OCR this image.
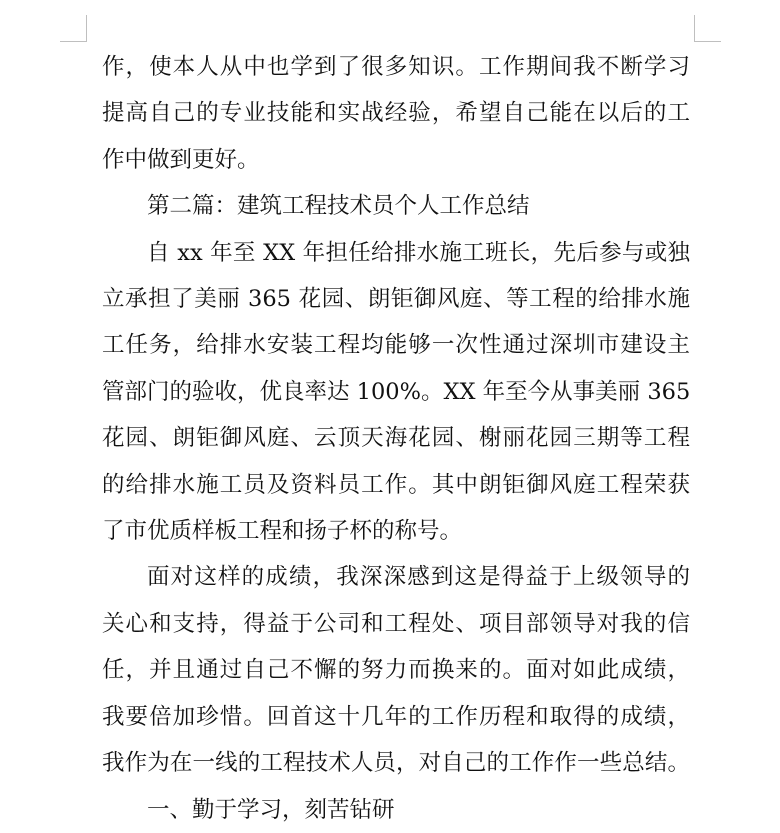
作，使本人从中也学到了很多知识。工作期间我不断学习
提高自己的专业技能和实战经验，希望自己能在以后的工
作中做到更好。

第二篇：建筑工程技术员个人工作总结

自 xx 年至 XX 年担任给排水施工班长，先后参与或独
立承担了美丽 365 花园、朗钜御风庭、等工程的给排水施
工任务，给排水安装工程均能够一次性通过深圳市建设主
管部门的验收，优良率达 100%。XX 年至今从事美丽 365
花园、朗钜御风庭、云顶天海花园、榭丽花园三期等工程
的给排水施工员及资料员工作。其中朗钜御风庭工程荣获
了市优质样板工程和扬子杯的称号。

面对这样的成绩，我深深感到这是得益于上级领导的
关心和支持，得益于公司和工程处、项目部领导对我的信
任，并且通过自己不懈的努力而换来的。面对如此成绩，
我要倍加珍惜。回首这十几年的工作历程和取得的成绩，
我作为在一线的工程技术人员，对自己的工作作一些总结。

一、勤于学习，刻苦钻研
